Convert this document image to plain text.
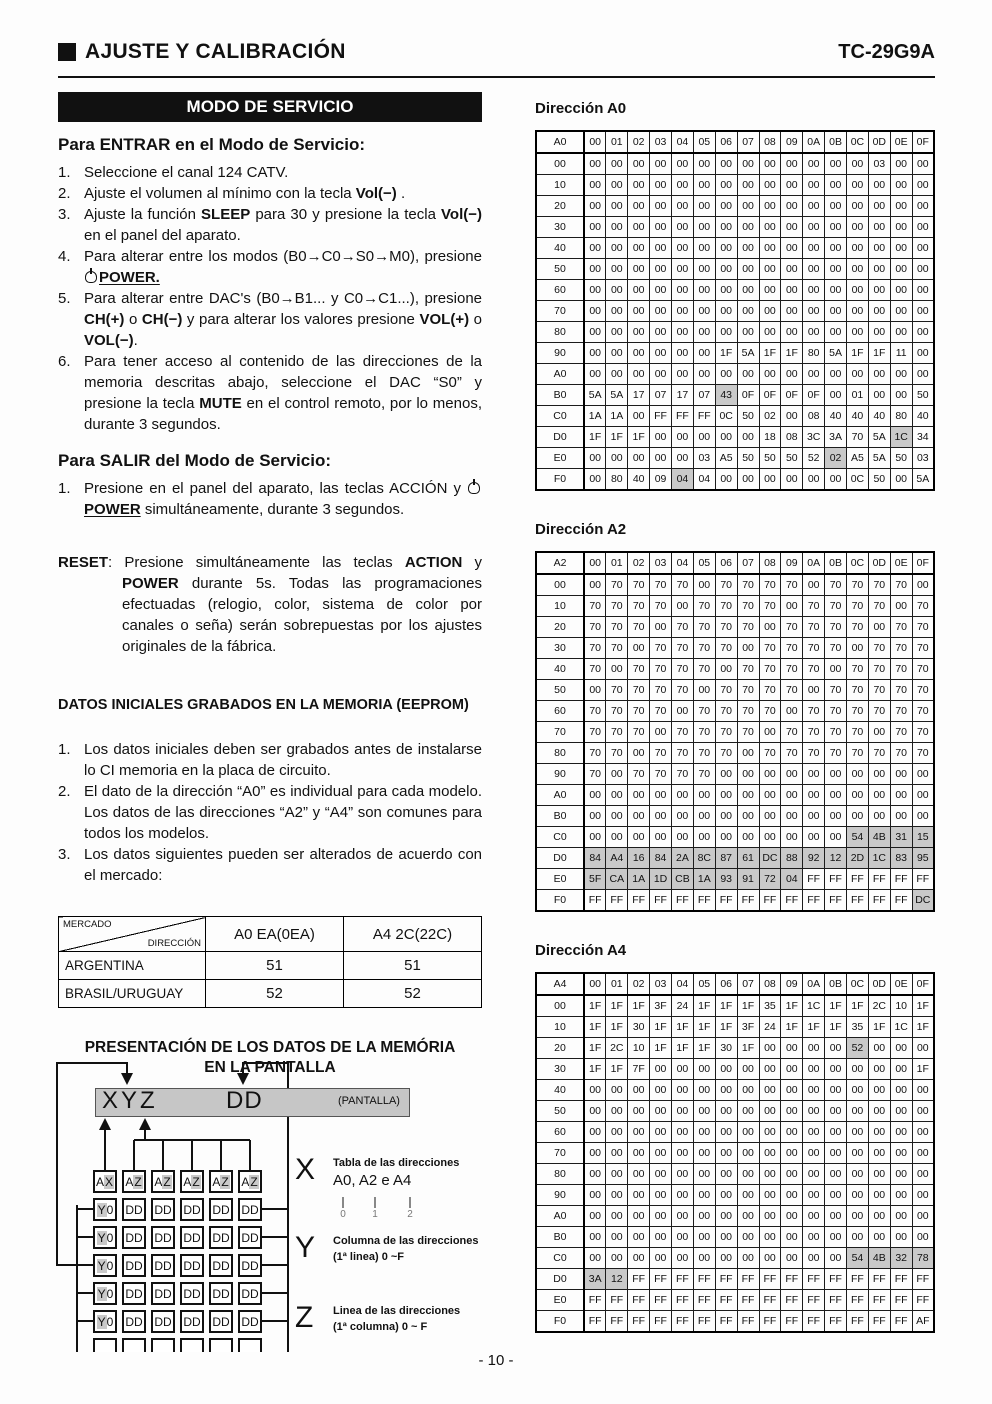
AJUSTE Y CALIBRACIÓN	TC-29G9A
MODO DE SERVICIO
Para ENTRAR en el Modo de Servicio:
1. Seleccione el canal 124 CATV.
2. Ajuste el volumen al mínimo con la tecla Vol(−) .
3. Ajuste la función SLEEP para 30 y presione la tecla Vol(−) en el panel del aparato.
4. Para alterar entre los modos (B0→C0→S0→M0), presione POWER.
5. Para alterar entre DAC's (B0→B1... y C0→C1...), presione CH(+) o CH(−) y para alterar los valores presione VOL(+) o VOL(−).
6. Para tener acceso al contenido de las direcciones de la memoria descritas abajo, seleccione el DAC “S0” y presione la tecla MUTE en el control remoto, por lo menos, durante 3 segundos.
Para SALIR del Modo de Servicio:
1. Presione en el panel del aparato, las teclas ACCIÓN y  POWER simultáneamente, durante 3 segundos.

RESET: Presione simultáneamente las teclas ACTION y POWER durante 5s. Todas las programaciones efectuadas (relogio, color, sistema de color por canales o seña) serán sobrepuestas por los ajustes originales de la fábrica.

DATOS INICIALES GRABADOS EN LA MEMORIA (EEPROM)
1. Los datos iniciales deben ser grabados antes de instalarse lo CI memoria en la placa de circuito.
2. El dato de la dirección “A0” es individual para cada modelo. Los datos de las direcciones “A2” y “A4” son comunes para todos los modelos.
3. Los datos siguientes pueden ser alterados de acuerdo con el mercado:
MERCADO
DIRECCIÓN	A0 EA(0EA)	A4 2C(22C)
ARGENTINA	51	51
BRASIL/URUGUAY	52	52
PRESENTACIÓN DE LOS DATOS DE LA MEMÓRIA
EN LA PANTALLA
XYZ	DD	(PANTALLA)
A X A Z A Z A Z A Z A Z
Y 0 DD DD DD DD DD
Y 0 DD DD DD DD DD
Y 0 DD DD DD DD DD
Y 0 DD DD DD DD DD
Y 0 DD DD DD DD DD
X Tabla de las direcciones
A0, A2 e A4
0	1	2
Y Columna de las direcciones
(1ª linea) 0 ~F
Z Linea de las direcciones
(1ª columna) 0 ~ F
Dirección A0
A0	00	01	02	03	04	05	06	07	08	09	0A	0B	0C	0D	0E	0F
00	00	00	00	00	00	00	00	00	00	00	00	00	00	03	00	00
10	00	00	00	00	00	00	00	00	00	00	00	00	00	00	00	00
20	00	00	00	00	00	00	00	00	00	00	00	00	00	00	00	00
30	00	00	00	00	00	00	00	00	00	00	00	00	00	00	00	00
40	00	00	00	00	00	00	00	00	00	00	00	00	00	00	00	00
50	00	00	00	00	00	00	00	00	00	00	00	00	00	00	00	00
60	00	00	00	00	00	00	00	00	00	00	00	00	00	00	00	00
70	00	00	00	00	00	00	00	00	00	00	00	00	00	00	00	00
80	00	00	00	00	00	00	00	00	00	00	00	00	00	00	00	00
90	00	00	00	00	00	00	1F	5A	1F	1F	80	5A	1F	1F	11	00
A0	00	00	00	00	00	00	00	00	00	00	00	00	00	00	00	00
B0	5A	5A	17	07	17	07	43	0F	0F	0F	0F	00	01	00	00	50
C0	1A	1A	00	FF	FF	FF	0C	50	02	00	08	40	40	40	80	40
D0	1F	1F	1F	00	00	00	00	00	18	08	3C	3A	70	5A	1C	34
E0	00	00	00	00	00	03	A5	50	50	50	52	02	A5	5A	50	03
F0	00	80	40	09	04	04	00	00	00	00	00	00	0C	50	00	5A
Dirección A2
A2	00	01	02	03	04	05	06	07	08	09	0A	0B	0C	0D	0E	0F
00	00	70	70	70	70	00	70	70	70	70	00	70	70	70	70	00
10	70	70	70	70	00	70	70	70	70	00	70	70	70	70	00	70
20	70	70	70	00	70	70	70	70	00	70	70	70	70	00	70	70
30	70	70	00	70	70	70	70	00	70	70	70	70	00	70	70	70
40	70	00	70	70	70	70	00	70	70	70	70	00	70	70	70	70
50	00	70	70	70	70	00	70	70	70	70	00	70	70	70	70	70
60	70	70	70	70	00	70	70	70	70	00	70	70	70	70	70	70
70	70	70	70	00	70	70	70	70	00	70	70	70	70	00	70	70
80	70	70	00	70	70	70	70	00	70	70	70	70	70	70	70	70
90	70	00	70	70	70	70	00	00	00	00	00	00	00	00	00	00
A0	00	00	00	00	00	00	00	00	00	00	00	00	00	00	00	00
B0	00	00	00	00	00	00	00	00	00	00	00	00	00	00	00	00
C0	00	00	00	00	00	00	00	00	00	00	00	00	54	4B	31	15
D0	84	A4	16	84	2A	8C	87	61	DC	88	92	12	2D	1C	83	95
E0	5F	CA	1A	1D	CB	1A	93	91	72	04	FF	FF	FF	FF	FF	FF
F0	FF	FF	FF	FF	FF	FF	FF	FF	FF	FF	FF	FF	FF	FF	FF	DC
Dirección A4
A4	00	01	02	03	04	05	06	07	08	09	0A	0B	0C	0D	0E	0F
00	1F	1F	1F	3F	24	1F	1F	1F	35	1F	1C	1F	1F	2C	10	1F
10	1F	1F	30	1F	1F	1F	1F	3F	24	1F	1F	1F	35	1F	1C	1F
20	1F	2C	10	1F	1F	1F	30	1F	00	00	00	00	52	00	00	00
30	1F	1F	7F	00	00	00	00	00	00	00	00	00	00	00	00	1F
40	00	00	00	00	00	00	00	00	00	00	00	00	00	00	00	00
50	00	00	00	00	00	00	00	00	00	00	00	00	00	00	00	00
60	00	00	00	00	00	00	00	00	00	00	00	00	00	00	00	00
70	00	00	00	00	00	00	00	00	00	00	00	00	00	00	00	00
80	00	00	00	00	00	00	00	00	00	00	00	00	00	00	00	00
90	00	00	00	00	00	00	00	00	00	00	00	00	00	00	00	00
A0	00	00	00	00	00	00	00	00	00	00	00	00	00	00	00	00
B0	00	00	00	00	00	00	00	00	00	00	00	00	00	00	00	00
C0	00	00	00	00	00	00	00	00	00	00	00	00	54	4B	32	78
D0	3A	12	FF	FF	FF	FF	FF	FF	FF	FF	FF	FF	FF	FF	FF	FF
E0	FF	FF	FF	FF	FF	FF	FF	FF	FF	FF	FF	FF	FF	FF	FF	FF
F0	FF	FF	FF	FF	FF	FF	FF	FF	FF	FF	FF	FF	FF	FF	FF	AF
- 10 -
